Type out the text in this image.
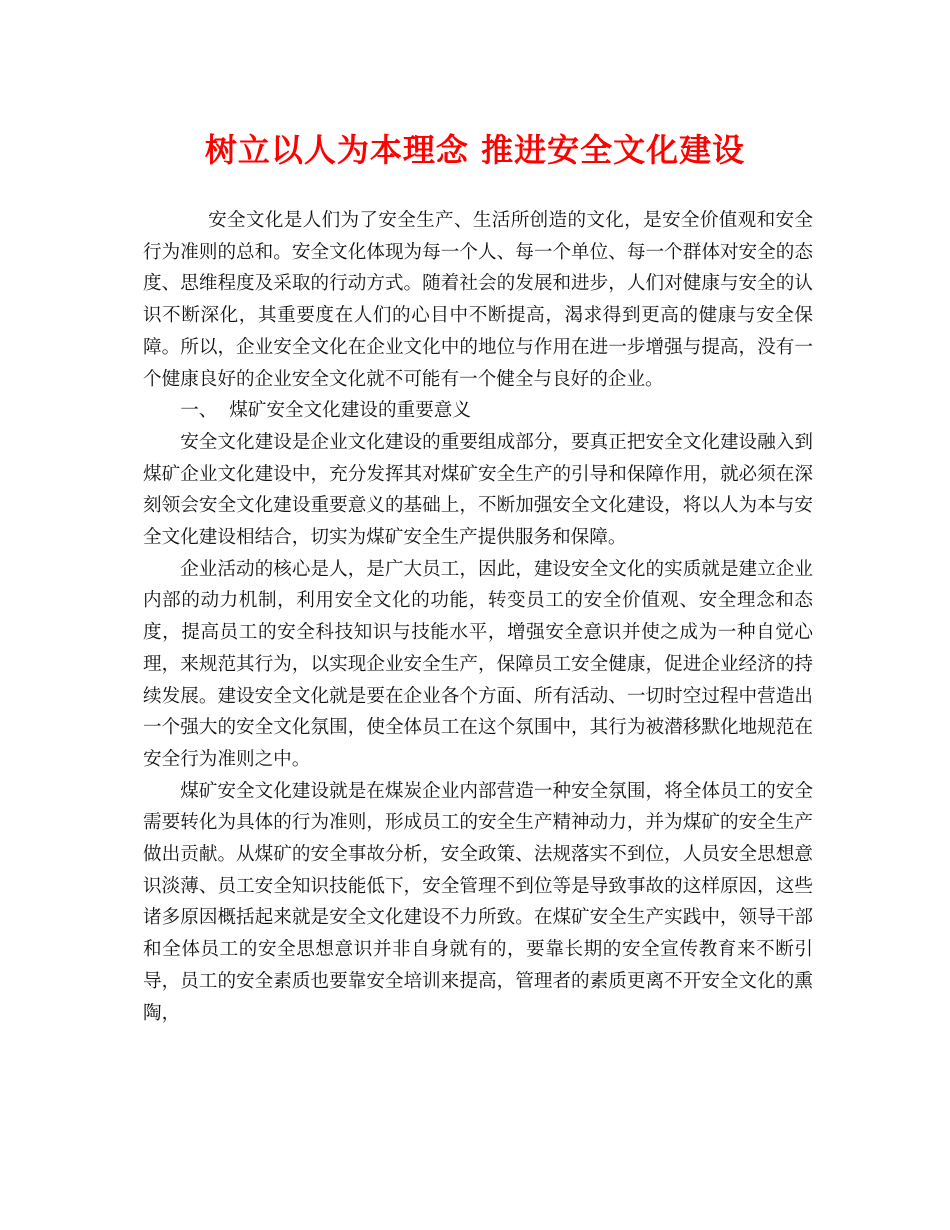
树立以人为本理念 推进安全文化建设

安全文化是人们为了安全生产、生活所创造的文化，是安全价值观和安全行为准则的总和。安全文化体现为每一个人、每一个单位、每一个群体对安全的态度、思维程度及采取的行动方式。随着社会的发展和进步，人们对健康与安全的认识不断深化，其重要度在人们的心目中不断提高，渴求得到更高的健康与安全保障。所以，企业安全文化在企业文化中的地位与作用在进一步增强与提高，没有一个健康良好的企业安全文化就不可能有一个健全与良好的企业。

一、  煤矿安全文化建设的重要意义

安全文化建设是企业文化建设的重要组成部分，要真正把安全文化建设融入到煤矿企业文化建设中，充分发挥其对煤矿安全生产的引导和保障作用，就必须在深刻领会安全文化建设重要意义的基础上，不断加强安全文化建设，将以人为本与安全文化建设相结合，切实为煤矿安全生产提供服务和保障。

企业活动的核心是人，是广大员工，因此，建设安全文化的实质就是建立企业内部的动力机制，利用安全文化的功能，转变员工的安全价值观、安全理念和态度，提高员工的安全科技知识与技能水平，增强安全意识并使之成为一种自觉心理，来规范其行为，以实现企业安全生产，保障员工安全健康，促进企业经济的持续发展。建设安全文化就是要在企业各个方面、所有活动、一切时空过程中营造出一个强大的安全文化氛围，使全体员工在这个氛围中，其行为被潜移默化地规范在安全行为准则之中。

煤矿安全文化建设就是在煤炭企业内部营造一种安全氛围，将全体员工的安全需要转化为具体的行为准则，形成员工的安全生产精神动力，并为煤矿的安全生产做出贡献。从煤矿的安全事故分析，安全政策、法规落实不到位，人员安全思想意识淡薄、员工安全知识技能低下，安全管理不到位等是导致事故的这样原因，这些诸多原因概括起来就是安全文化建设不力所致。在煤矿安全生产实践中，领导干部和全体员工的安全思想意识并非自身就有的，要靠长期的安全宣传教育来不断引导，员工的安全素质也要靠安全培训来提高，管理者的素质更离不开安全文化的熏陶，
